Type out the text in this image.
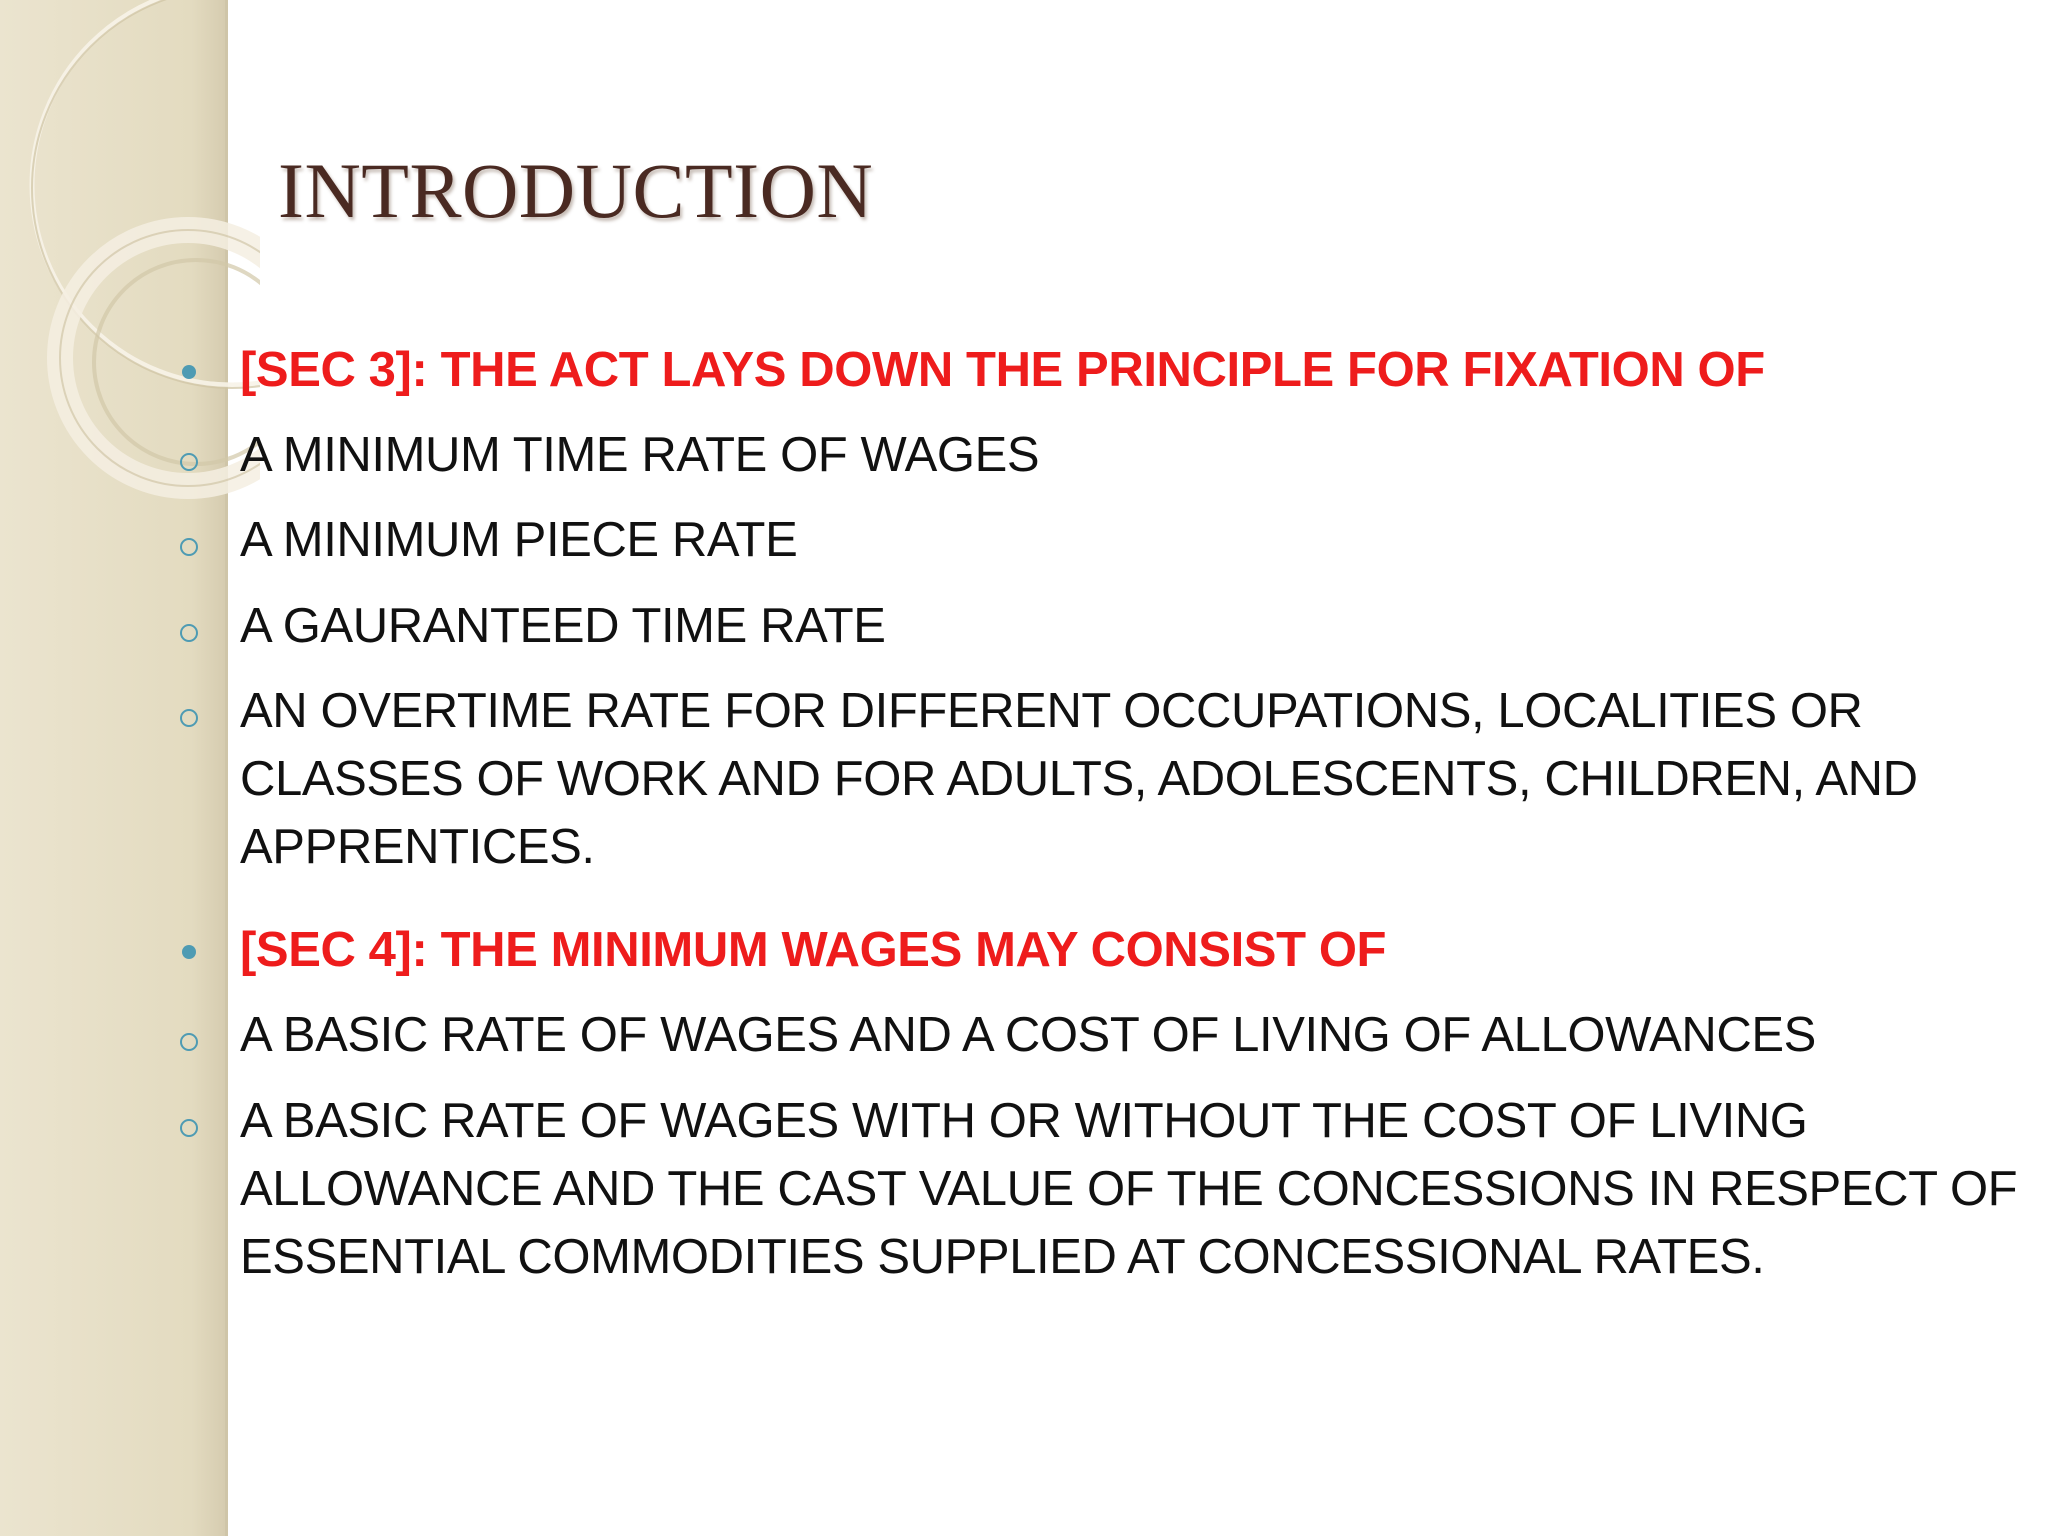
INTRODUCTION
[SEC 3]: THE ACT LAYS DOWN THE PRINCIPLE FOR FIXATION OF
A MINIMUM TIME RATE OF WAGES
A MINIMUM PIECE RATE
A GAURANTEED TIME RATE
AN OVERTIME RATE FOR DIFFERENT OCCUPATIONS, LOCALITIES OR CLASSES OF WORK AND FOR ADULTS, ADOLESCENTS, CHILDREN, AND APPRENTICES.
[SEC 4]: THE MINIMUM WAGES MAY CONSIST OF
A BASIC RATE OF WAGES AND A COST OF LIVING OF ALLOWANCES
A BASIC RATE OF WAGES WITH OR WITHOUT THE COST OF LIVING ALLOWANCE AND THE CAST VALUE OF THE CONCESSIONS IN RESPECT OF ESSENTIAL COMMODITIES SUPPLIED AT CONCESSIONAL RATES.
